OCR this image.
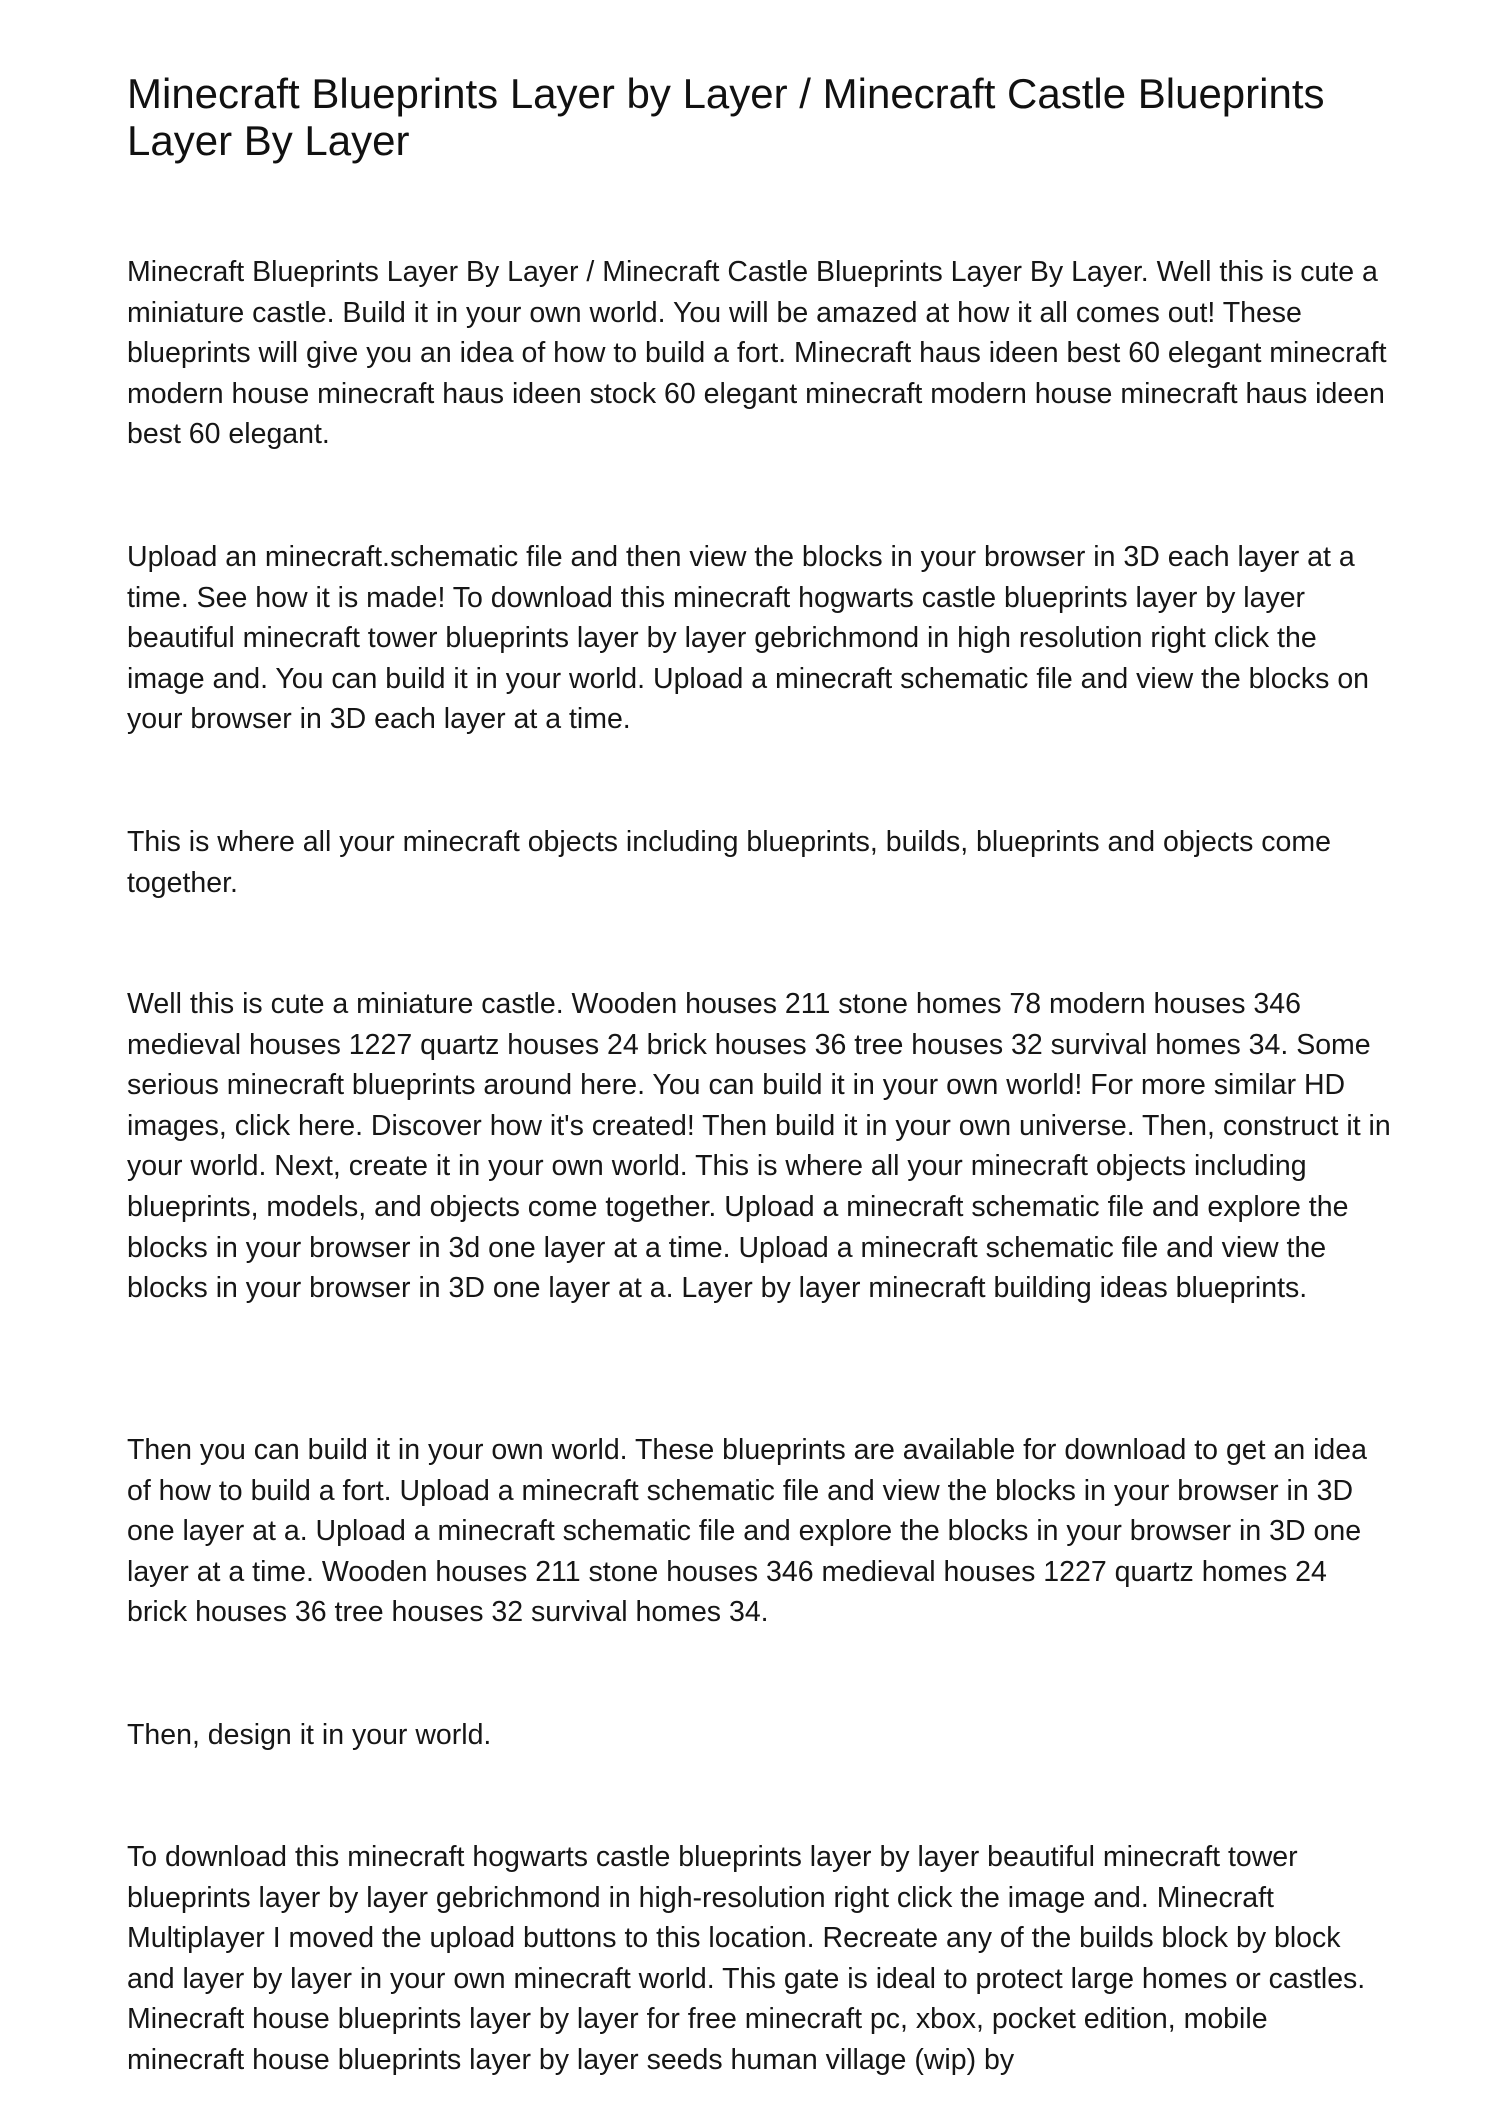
Minecraft Blueprints Layer by Layer / Minecraft Castle Blueprints Layer By Layer

Minecraft Blueprints Layer By Layer / Minecraft Castle Blueprints Layer By Layer. Well this is cute a miniature castle. Build it in your own world. You will be amazed at how it all comes out! These blueprints will give you an idea of how to build a fort. Minecraft haus ideen best 60 elegant minecraft modern house minecraft haus ideen stock 60 elegant minecraft modern house minecraft haus ideen best 60 elegant.

Upload an minecraft.schematic file and then view the blocks in your browser in 3D each layer at a time. See how it is made! To download this minecraft hogwarts castle blueprints layer by layer beautiful minecraft tower blueprints layer by layer gebrichmond in high resolution right click the image and. You can build it in your world. Upload a minecraft schematic file and view the blocks on your browser in 3D each layer at a time.

This is where all your minecraft objects including blueprints, builds, blueprints and objects come together.

Well this is cute a miniature castle. Wooden houses 211 stone homes 78 modern houses 346 medieval houses 1227 quartz houses 24 brick houses 36 tree houses 32 survival homes 34. Some serious minecraft blueprints around here. You can build it in your own world! For more similar HD images, click here. Discover how it's created! Then build it in your own universe. Then, construct it in your world. Next, create it in your own world. This is where all your minecraft objects including blueprints, models, and objects come together. Upload a minecraft schematic file and explore the blocks in your browser in 3d one layer at a time. Upload a minecraft schematic file and view the blocks in your browser in 3D one layer at a. Layer by layer minecraft building ideas blueprints.

Then you can build it in your own world. These blueprints are available for download to get an idea of how to build a fort. Upload a minecraft schematic file and view the blocks in your browser in 3D one layer at a. Upload a minecraft schematic file and explore the blocks in your browser in 3D one layer at a time. Wooden houses 211 stone houses 346 medieval houses 1227 quartz homes 24 brick houses 36 tree houses 32 survival homes 34.

Then, design it in your world.

To download this minecraft hogwarts castle blueprints layer by layer beautiful minecraft tower blueprints layer by layer gebrichmond in high-resolution right click the image and. Minecraft Multiplayer I moved the upload buttons to this location. Recreate any of the builds block by block and layer by layer in your own minecraft world. This gate is ideal to protect large homes or castles. Minecraft house blueprints layer by layer for free minecraft pc, xbox, pocket edition, mobile minecraft house blueprints layer by layer seeds human village (wip) by
